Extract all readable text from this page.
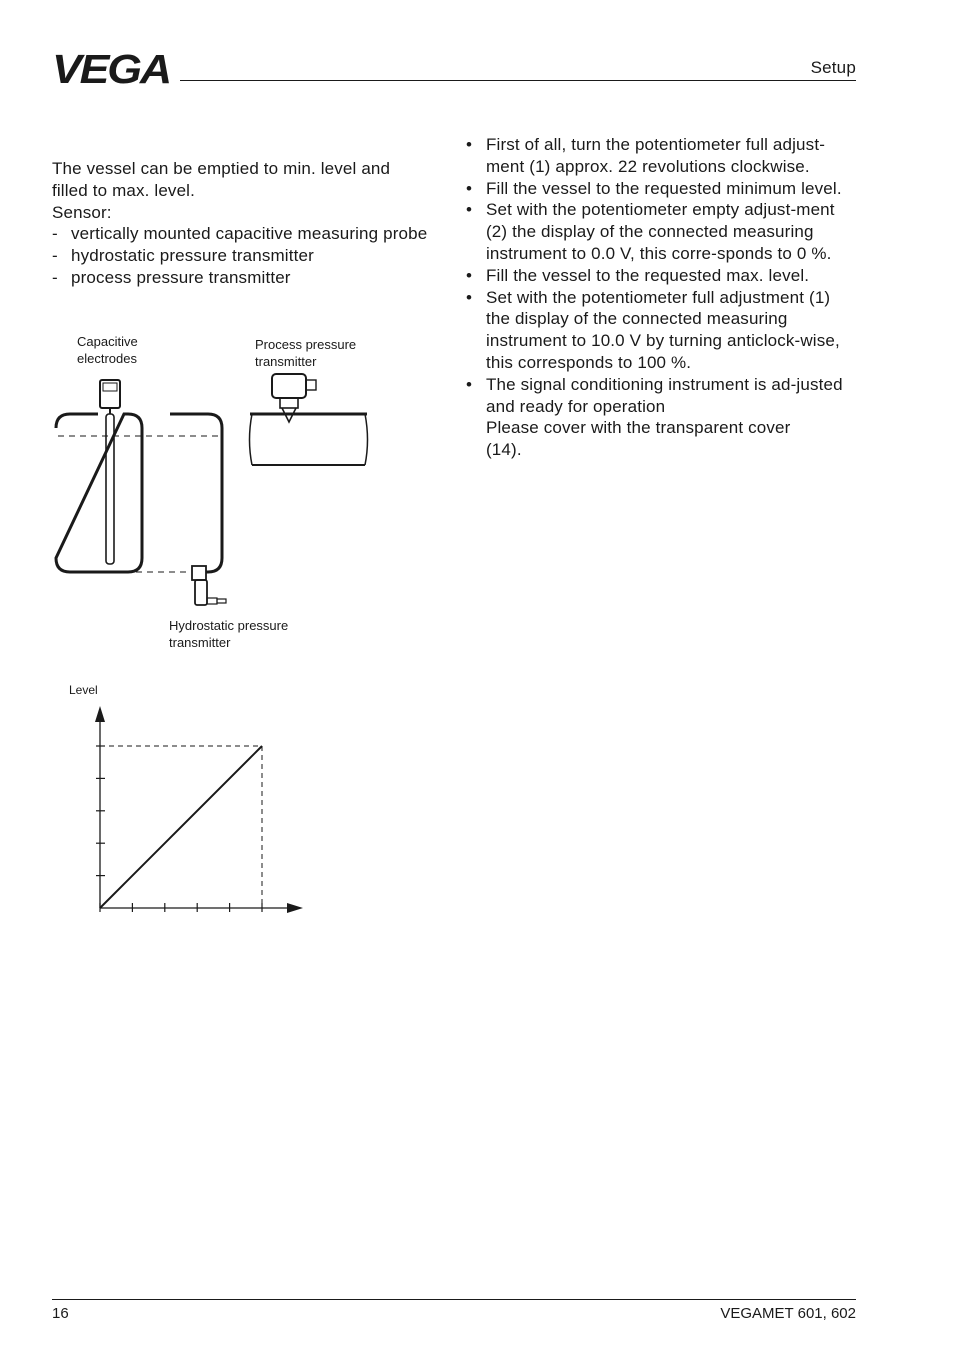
VEGA	Setup

The vessel can be emptied to min. level and

filled to max. level.

Sensor:

- vertically mounted capacitive measuring probe
- hydrostatic pressure transmitter
- process pressure transmitter
• First of all, turn the potentiometer full adjust-ment (1) approx. 22 revolutions clockwise.
• Fill the vessel to the requested minimum level.
• Set with the potentiometer empty adjust-ment (2) the display of the connected measuring instrument to 0.0 V, this corre-sponds to 0 %.
• Fill the vessel to the requested max. level.
• Set with the potentiometer full adjustment (1) the display of the connected measuring instrument to 10.0 V by turning anticlock-wise, this corresponds to 100 %.
• The signal conditioning instrument is ad-justed and ready for operation
Please cover with the transparent cover
(14).
Capacitive
electrodes
Process pressure
transmitter
Hydrostatic pressure
transmitter
Level
16	VEGAMET 601, 602
